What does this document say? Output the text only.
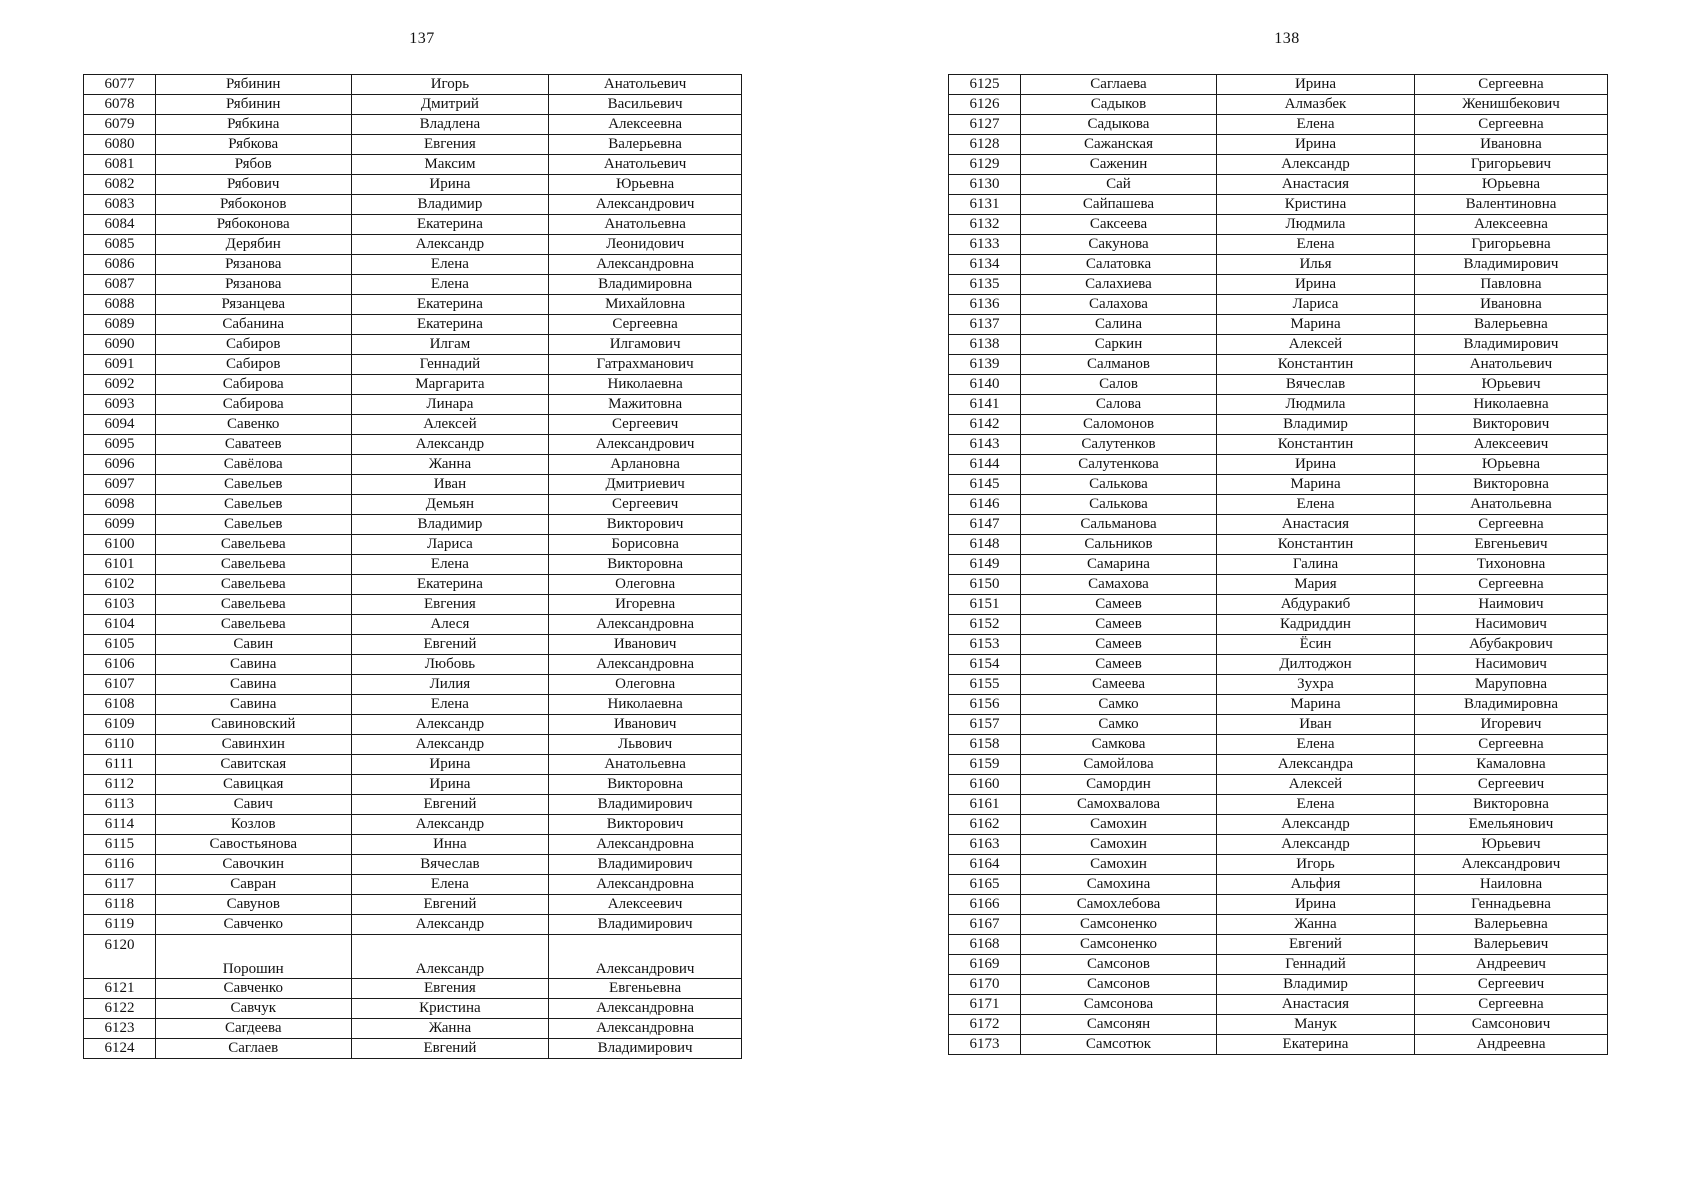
137	138
6077	Рябинин	Игорь	Анатольевич
6078	Рябинин	Дмитрий	Васильевич
6079	Рябкина	Владлена	Алексеевна
6080	Рябкова	Евгения	Валерьевна
6081	Рябов	Максим	Анатольевич
6082	Рябович	Ирина	Юрьевна
6083	Рябоконов	Владимир	Александрович
6084	Рябоконова	Екатерина	Анатольевна
6085	Дерябин	Александр	Леонидович
6086	Рязанова	Елена	Александровна
6087	Рязанова	Елена	Владимировна
6088	Рязанцева	Екатерина	Михайловна
6089	Сабанина	Екатерина	Сергеевна
6090	Сабиров	Илгам	Илгамович
6091	Сабиров	Геннадий	Гатрахманович
6092	Сабирова	Маргарита	Николаевна
6093	Сабирова	Линара	Мажитовна
6094	Савенко	Алексей	Сергеевич
6095	Саватеев	Александр	Александрович
6096	Савёлова	Жанна	Арлановна
6097	Савельев	Иван	Дмитриевич
6098	Савельев	Демьян	Сергеевич
6099	Савельев	Владимир	Викторович
6100	Савельева	Лариса	Борисовна
6101	Савельева	Елена	Викторовна
6102	Савельева	Екатерина	Олеговна
6103	Савельева	Евгения	Игоревна
6104	Савельева	Алеся	Александровна
6105	Савин	Евгений	Иванович
6106	Савина	Любовь	Александровна
6107	Савина	Лилия	Олеговна
6108	Савина	Елена	Николаевна
6109	Савиновский	Александр	Иванович
6110	Савинхин	Александр	Львович
6111	Савитская	Ирина	Анатольевна
6112	Савицкая	Ирина	Викторовна
6113	Савич	Евгений	Владимирович
6114	Козлов	Александр	Викторович
6115	Савостьянова	Инна	Александровна
6116	Савочкин	Вячеслав	Владимирович
6117	Савран	Елена	Александровна
6118	Савунов	Евгений	Алексеевич
6119	Савченко	Александр	Владимирович
6120	Порошин	Александр	Александрович
6121	Савченко	Евгения	Евгеньевна
6122	Савчук	Кристина	Александровна
6123	Сагдеева	Жанна	Александровна
6124	Саглаев	Евгений	Владимирович
6125	Саглаева	Ирина	Сергеевна
6126	Садыков	Алмазбек	Женишбекович
6127	Садыкова	Елена	Сергеевна
6128	Сажанская	Ирина	Ивановна
6129	Саженин	Александр	Григорьевич
6130	Сай	Анастасия	Юрьевна
6131	Сайпашева	Кристина	Валентиновна
6132	Саксеева	Людмила	Алексеевна
6133	Сакунова	Елена	Григорьевна
6134	Салатовка	Илья	Владимирович
6135	Салахиева	Ирина	Павловна
6136	Салахова	Лариса	Ивановна
6137	Салина	Марина	Валерьевна
6138	Саркин	Алексей	Владимирович
6139	Салманов	Константин	Анатольевич
6140	Салов	Вячеслав	Юрьевич
6141	Салова	Людмила	Николаевна
6142	Саломонов	Владимир	Викторович
6143	Салутенков	Константин	Алексеевич
6144	Салутенкова	Ирина	Юрьевна
6145	Салькова	Марина	Викторовна
6146	Салькова	Елена	Анатольевна
6147	Сальманова	Анастасия	Сергеевна
6148	Сальников	Константин	Евгеньевич
6149	Самарина	Галина	Тихоновна
6150	Самахова	Мария	Сергеевна
6151	Самеев	Абдуракиб	Наимович
6152	Самеев	Кадриддин	Насимович
6153	Самеев	Ёсин	Абубакрович
6154	Самеев	Дилтоджон	Насимович
6155	Самеева	Зухра	Маруповна
6156	Самко	Марина	Владимировна
6157	Самко	Иван	Игоревич
6158	Самкова	Елена	Сергеевна
6159	Самойлова	Александра	Камаловна
6160	Самордин	Алексей	Сергеевич
6161	Самохвалова	Елена	Викторовна
6162	Самохин	Александр	Емельянович
6163	Самохин	Александр	Юрьевич
6164	Самохин	Игорь	Александрович
6165	Самохина	Альфия	Наиловна
6166	Самохлебова	Ирина	Геннадьевна
6167	Самсоненко	Жанна	Валерьевна
6168	Самсоненко	Евгений	Валерьевич
6169	Самсонов	Геннадий	Андреевич
6170	Самсонов	Владимир	Сергеевич
6171	Самсонова	Анастасия	Сергеевна
6172	Самсонян	Манук	Самсонович
6173	Самсотюк	Екатерина	Андреевна
